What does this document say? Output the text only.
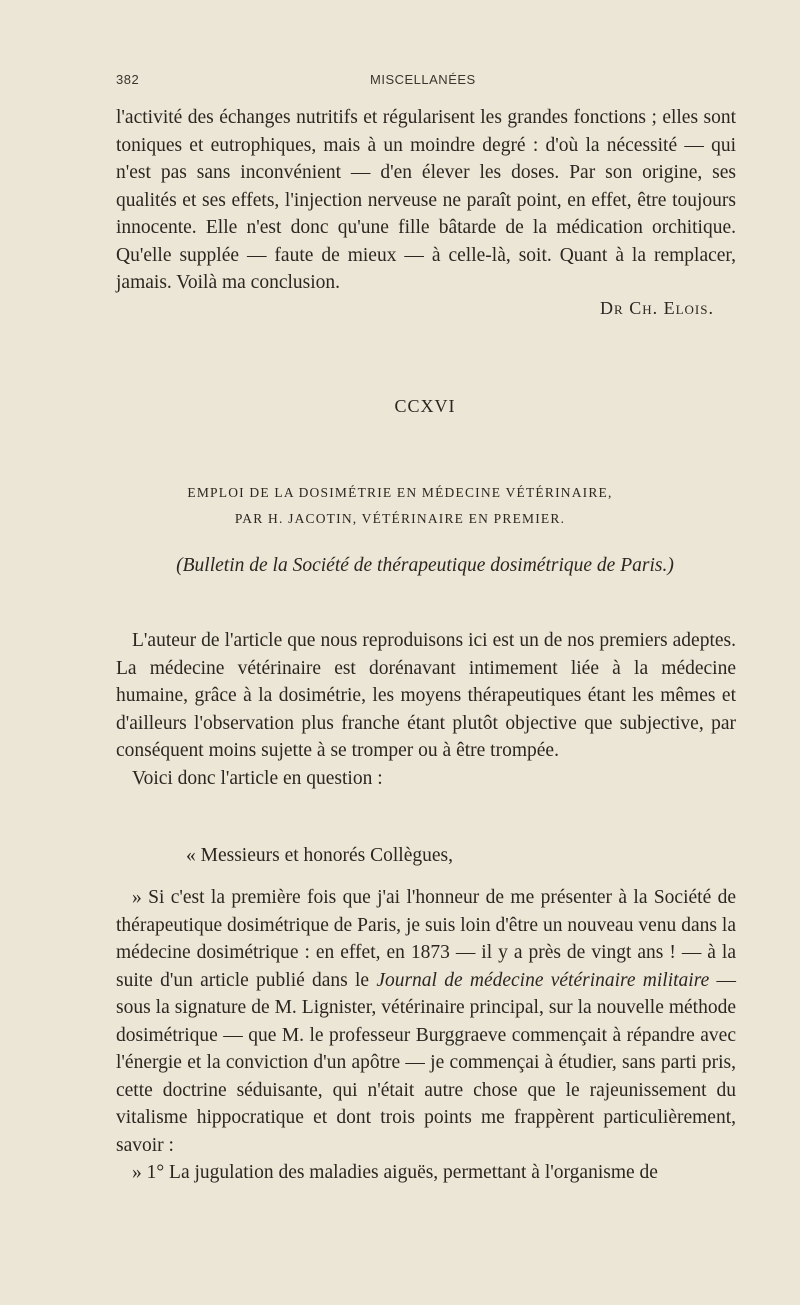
382	MISCELLANÉES

l'activité des échanges nutritifs et régularisent les grandes fonctions ; elles sont toniques et eutrophiques, mais à un moindre degré : d'où la nécessité — qui n'est pas sans inconvénient — d'en élever les doses. Par son origine, ses qualités et ses effets, l'injection nerveuse ne paraît point, en effet, être toujours innocente. Elle n'est donc qu'une fille bâtarde de la médication orchitique. Qu'elle supplée — faute de mieux — à celle-là, soit. Quant à la remplacer, jamais. Voilà ma conclusion.

Dr Ch. Elois.
CCXVI
EMPLOI DE LA DOSIMÉTRIE EN MÉDECINE VÉTÉRINAIRE,
PAR H. JACOTIN, VÉTÉRINAIRE EN PREMIER.
(Bulletin de la Société de thérapeutique dosimétrique de Paris.)

L'auteur de l'article que nous reproduisons ici est un de nos premiers adeptes. La médecine vétérinaire est dorénavant intimement liée à la médecine humaine, grâce à la dosimétrie, les moyens thérapeutiques étant les mêmes et d'ailleurs l'observation plus franche étant plutôt objective que subjective, par conséquent moins sujette à se tromper ou à être trompée.

Voici donc l'article en question :

« Messieurs et honorés Collègues,

» Si c'est la première fois que j'ai l'honneur de me présenter à la Société de thérapeutique dosimétrique de Paris, je suis loin d'être un nouveau venu dans la médecine dosimétrique : en effet, en 1873 — il y a près de vingt ans ! — à la suite d'un article publié dans le Journal de médecine vétérinaire militaire — sous la signature de M. Lignister, vétérinaire principal, sur la nouvelle méthode dosimétrique — que M. le professeur Burggraeve commençait à répandre avec l'énergie et la conviction d'un apôtre — je commençai à étudier, sans parti pris, cette doctrine séduisante, qui n'était autre chose que le rajeunissement du vitalisme hippocratique et dont trois points me frappèrent particulièrement, savoir :

» 1° La jugulation des maladies aiguës, permettant à l'organisme de
